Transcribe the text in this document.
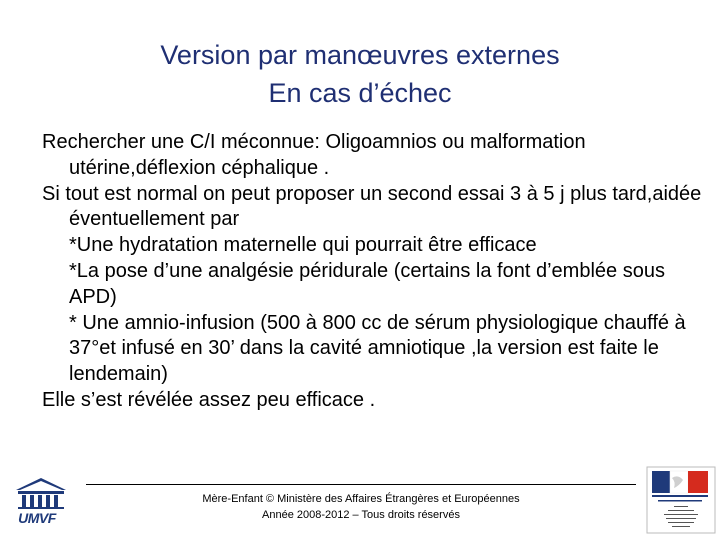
Version par manœuvres externes
En cas d’échec

Rechercher une C/I méconnue: Oligoamnios ou malformation utérine,déflexion céphalique .

Si tout est normal on peut proposer un second essai 3 à 5 j plus tard,aidée éventuellement par

*Une hydratation maternelle qui pourrait être efficace

*La pose d’une analgésie péridurale (certains la font d’emblée sous APD)

* Une amnio-infusion (500 à 800 cc de sérum physiologique chauffé à 37°et infusé en 30’ dans la cavité amniotique ,la version est faite le lendemain)

Elle s’est révélée assez peu efficace .

UMVF
Mère-Enfant © Ministère des Affaires Étrangères et Européennes
Année 2008-2012 – Tous droits réservés
